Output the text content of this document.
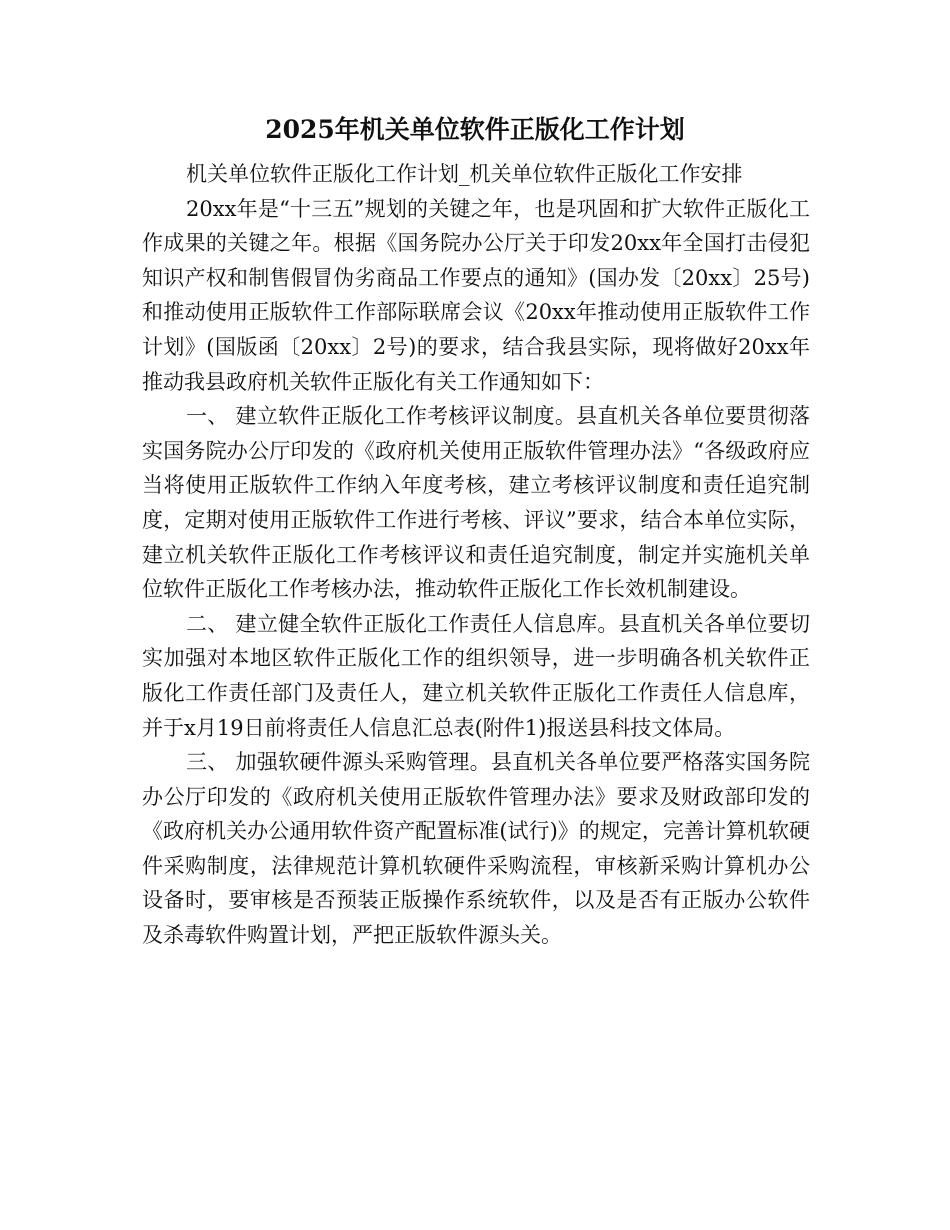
2025年机关单位软件正版化工作计划

机关单位软件正版化工作计划_机关单位软件正版化工作安排

20xx年是“十三五”规划的关键之年，也是巩固和扩大软件正版化工作成果的关键之年。根据《国务院办公厅关于印发20xx年全国打击侵犯知识产权和制售假冒伪劣商品工作要点的通知》(国办发〔20xx〕25号)和推动使用正版软件工作部际联席会议《20xx年推动使用正版软件工作计划》(国版函〔20xx〕2号)的要求，结合我县实际，现将做好20xx年推动我县政府机关软件正版化有关工作通知如下：

一、 建立软件正版化工作考核评议制度。县直机关各单位要贯彻落实国务院办公厅印发的《政府机关使用正版软件管理办法》“各级政府应当将使用正版软件工作纳入年度考核，建立考核评议制度和责任追究制度，定期对使用正版软件工作进行考核、评议”要求，结合本单位实际，建立机关软件正版化工作考核评议和责任追究制度，制定并实施机关单位软件正版化工作考核办法，推动软件正版化工作长效机制建设。

二、 建立健全软件正版化工作责任人信息库。县直机关各单位要切实加强对本地区软件正版化工作的组织领导，进一步明确各机关软件正版化工作责任部门及责任人，建立机关软件正版化工作责任人信息库，并于x月19日前将责任人信息汇总表(附件1)报送县科技文体局。

三、 加强软硬件源头采购管理。县直机关各单位要严格落实国务院办公厅印发的《政府机关使用正版软件管理办法》要求及财政部印发的《政府机关办公通用软件资产配置标准(试行)》的规定，完善计算机软硬件采购制度，法律规范计算机软硬件采购流程，审核新采购计算机办公设备时，要审核是否预装正版操作系统软件，以及是否有正版办公软件及杀毒软件购置计划，严把正版软件源头关。
